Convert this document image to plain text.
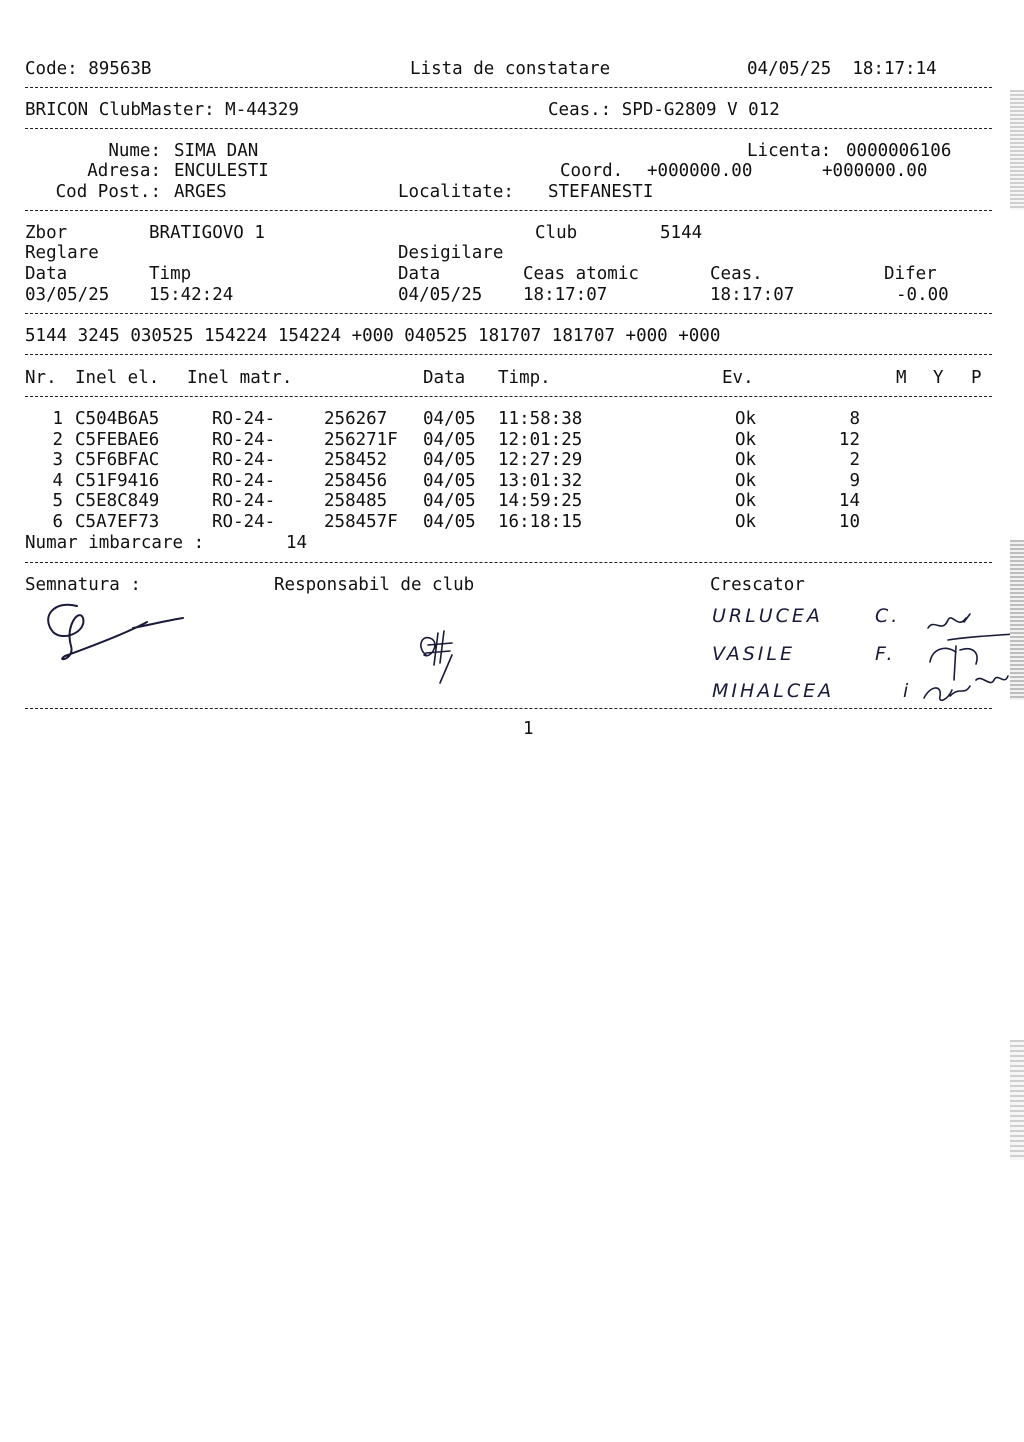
Code: 89563B	Lista de constatare	04/05/25  18:17:14
BRICON ClubMaster: M-44329	Ceas.: SPD-G2809 V 012
Nume: SIMA DAN	Licenta: 0000006106
Adresa: ENCULESTI	Coord. +000000.00	+000000.00
Cod Post.: ARGES	Localitate: STEFANESTI
Zbor	BRATIGOVO 1	Club	5144
Reglare	Desigilare
Data	Timp	Data	Ceas atomic	Ceas.	Difer
03/05/25 15:42:24	04/05/25 18:17:07	18:17:07	-0.00
5144 3245 030525 154224 154224 +000 040525 181707 181707 +000 +000
Nr. Inel el. Inel matr.	Data Timp.	Ev.	M Y P
1 C504B6A5	RO-24-	256267 04/05 11:58:38	Ok	8
2 C5FEBAE6	RO-24-	256271F 04/05 12:01:25	Ok	12
3 C5F6BFAC	RO-24-	258452 04/05 12:27:29	Ok	2
4 C51F9416	RO-24-	258456 04/05 13:01:32	Ok	9
5 C5E8C849	RO-24-	258485 04/05 14:59:25	Ok	14
6 C5A7EF73	RO-24-	258457F 04/05 16:18:15	Ok	10
Numar imbarcare :	14
Semnatura :	Responsabil de club	Crescator
URLUCEA	C.
VASILE	F.
MIHALCEA	i
1
